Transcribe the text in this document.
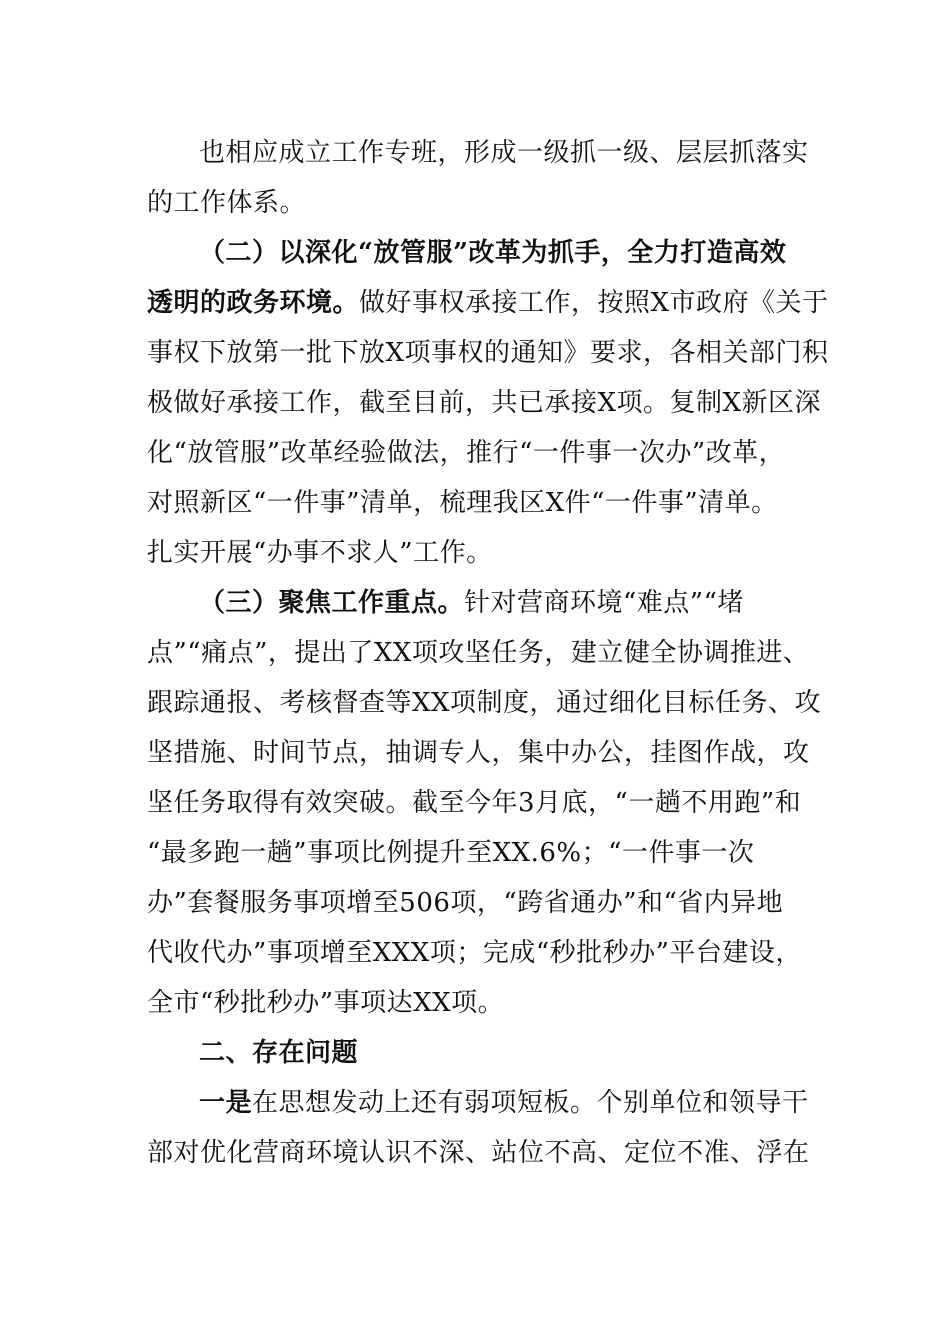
也相应成立工作专班，形成一级抓一级、层层抓落实
的工作体系。
（二）以深化“放管服”改革为抓手，全力打造高效
透明的政务环境。做好事权承接工作，按照X市政府《关于
事权下放第一批下放X项事权的通知》要求，各相关部门积
极做好承接工作，截至目前，共已承接X项。复制X新区深
化“放管服”改革经验做法，推行“一件事一次办”改革，
对照新区“一件事”清单，梳理我区X件“一件事”清单。
扎实开展“办事不求人”工作。
（三）聚焦工作重点。针对营商环境“难点”“堵
点”“痛点”，提出了XX项攻坚任务，建立健全协调推进、
跟踪通报、考核督查等XX项制度，通过细化目标任务、攻
坚措施、时间节点，抽调专人，集中办公，挂图作战，攻
坚任务取得有效突破。截至今年3月底，“一趟不用跑”和
“最多跑一趟”事项比例提升至XX.6%；“一件事一次
办”套餐服务事项增至506项，“跨省通办”和“省内异地
代收代办”事项增至XXX项；完成“秒批秒办”平台建设，
全市“秒批秒办”事项达XX项。
二、存在问题
一是在思想发动上还有弱项短板。个别单位和领导干
部对优化营商环境认识不深、站位不高、定位不准、浮在
